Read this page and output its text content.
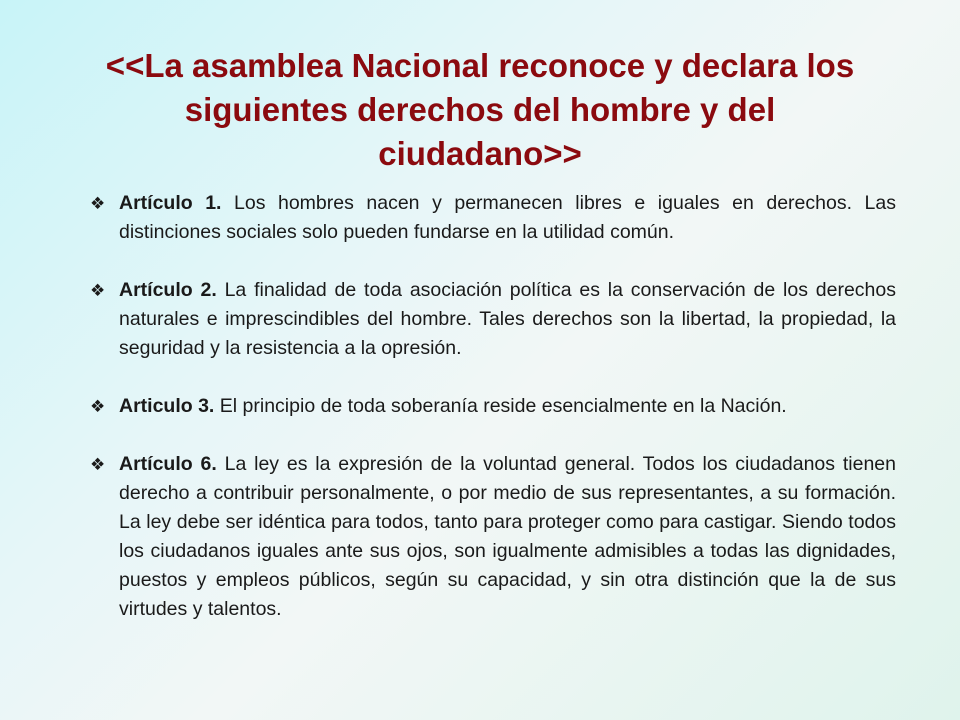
<<La asamblea Nacional reconoce y declara los siguientes derechos del hombre y del ciudadano>>
❖ Artículo 1. Los hombres nacen y permanecen libres e iguales en derechos. Las distinciones sociales solo pueden fundarse en la utilidad común.
❖ Artículo 2. La finalidad de toda asociación política es la conservación de los derechos naturales e imprescindibles del hombre. Tales derechos son la libertad, la propiedad, la seguridad y la resistencia a la opresión.
❖ Articulo 3. El principio de toda soberanía reside esencialmente en la Nación.
❖ Artículo 6. La ley es la expresión de la voluntad general. Todos los ciudadanos tienen derecho a contribuir personalmente, o por medio de sus representantes, a su formación. La ley debe ser idéntica para todos, tanto para proteger como para castigar. Siendo todos los ciudadanos iguales ante sus ojos, son igualmente admisibles a todas las dignidades, puestos y empleos públicos, según su capacidad, y sin otra distinción que la de sus virtudes y talentos.
